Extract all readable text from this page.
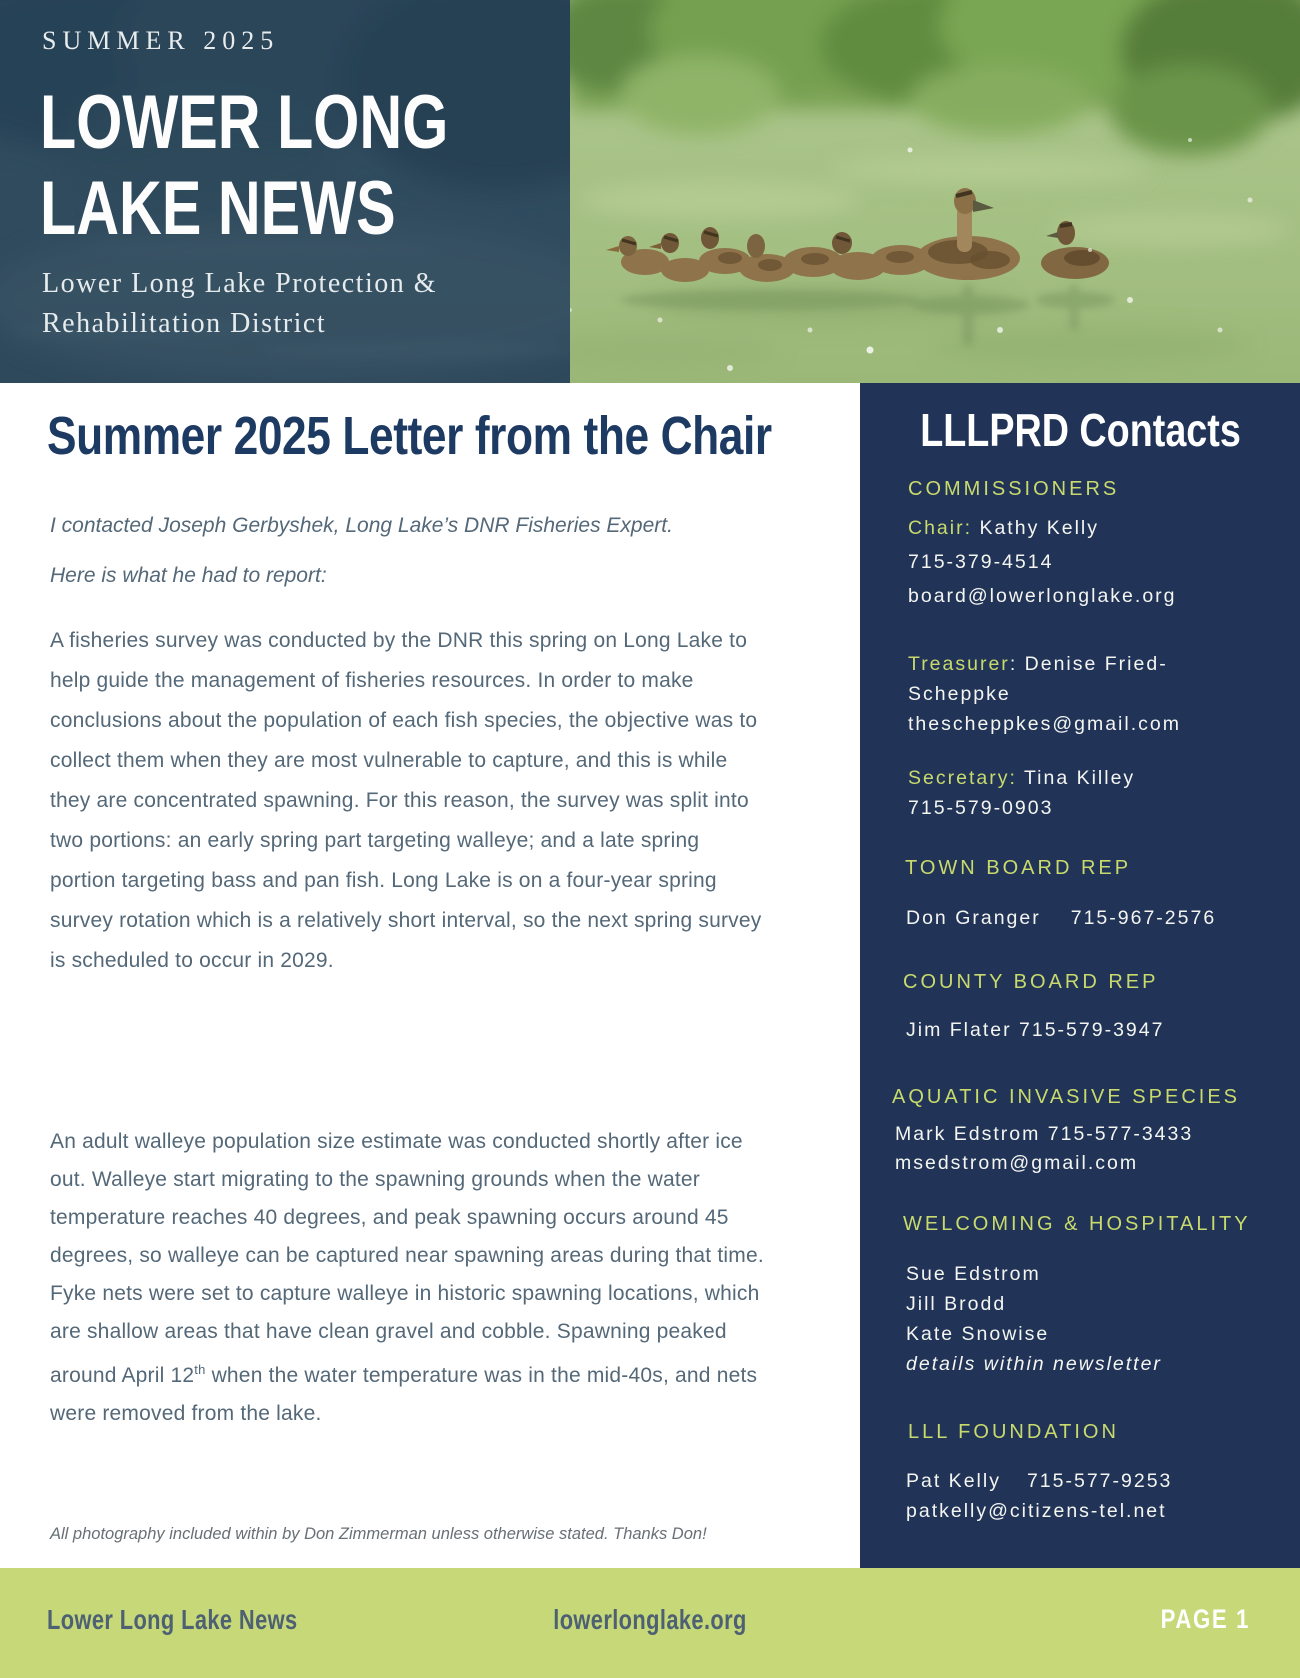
SUMMER 2025
LOWER LONG
LAKE NEWS
Lower Long Lake Protection &
Rehabilitation District
Summer 2025 Letter from the Chair
I contacted Joseph Gerbyshek, Long Lake’s DNR Fisheries Expert.
Here is what he had to report:
A fisheries survey was conducted by the DNR this spring on Long Lake to help guide the management of fisheries resources. In order to make conclusions about the population of each fish species, the objective was to collect them when they are most vulnerable to capture, and this is while they are concentrated spawning. For this reason, the survey was split into two portions: an early spring part targeting walleye; and a late spring portion targeting bass and pan fish. Long Lake is on a four-year spring survey rotation which is a relatively short interval, so the next spring survey is scheduled to occur in 2029.
An adult walleye population size estimate was conducted shortly after ice out. Walleye start migrating to the spawning grounds when the water temperature reaches 40 degrees, and peak spawning occurs around 45 degrees, so walleye can be captured near spawning areas during that time. Fyke nets were set to capture walleye in historic spawning locations, which are shallow areas that have clean gravel and cobble. Spawning peaked around April 12th when the water temperature was in the mid-40s, and nets were removed from the lake.
All photography included within by Don Zimmerman unless otherwise stated. Thanks Don!
LLLPRD Contacts
COMMISSIONERS
Chair: Kathy Kelly
715-379-4514
board@lowerlonglake.org
Treasurer: Denise Fried-
Scheppke
thescheppkes@gmail.com
Secretary: Tina Killey
715-579-0903
TOWN BOARD REP
Don Granger 715-967-2576
COUNTY BOARD REP
Jim Flater 715-579-3947
AQUATIC INVASIVE SPECIES
Mark Edstrom 715-577-3433
msedstrom@gmail.com
WELCOMING & HOSPITALITY
Sue Edstrom
Jill Brodd
Kate Snowise
details within newsletter
LLL FOUNDATION
Pat Kelly 715-577-9253
patkelly@citizens-tel.net
Lower Long Lake News	lowerlonglake.org	PAGE 1
